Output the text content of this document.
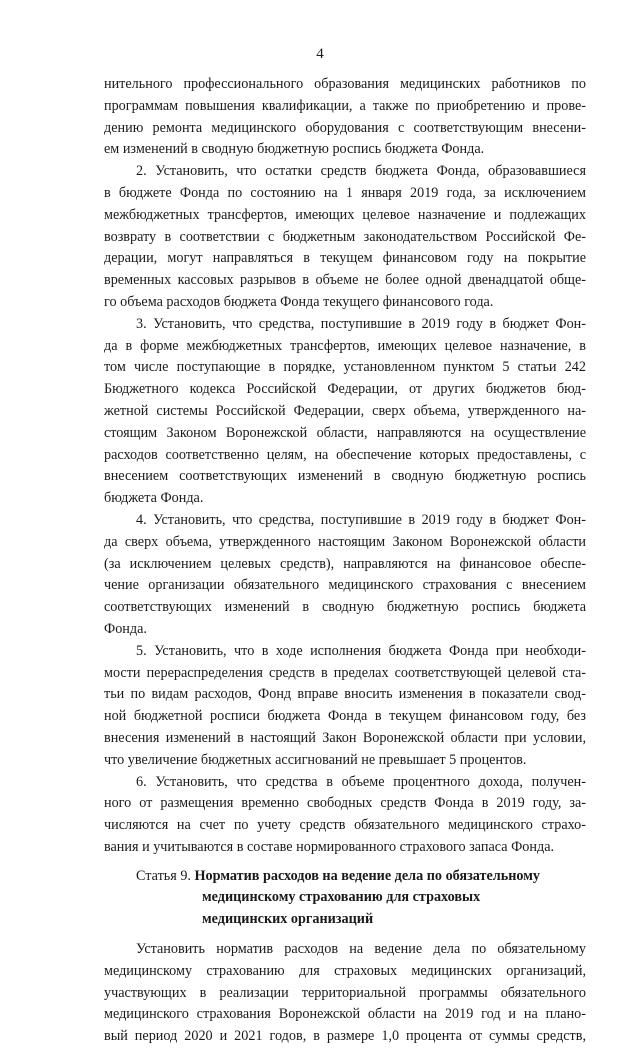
4
нительного профессионального образования медицинских работников по
программам повышения квалификации, а также по приобретению и прове-
дению ремонта медицинского оборудования с соответствующим внесени-
ем изменений в сводную бюджетную роспись бюджета Фонда.
2. Установить, что остатки средств бюджета Фонда, образовавшиеся
в бюджете Фонда по состоянию на 1 января 2019 года, за исключением
межбюджетных трансфертов, имеющих целевое назначение и подлежащих
возврату в соответствии с бюджетным законодательством Российской Фе-
дерации, могут направляться в текущем финансовом году на покрытие
временных кассовых разрывов в объеме не более одной двенадцатой обще-
го объема расходов бюджета Фонда текущего финансового года.
3. Установить, что средства, поступившие в 2019 году в бюджет Фон-
да в форме межбюджетных трансфертов, имеющих целевое назначение, в
том числе поступающие в порядке, установленном пунктом 5 статьи 242
Бюджетного кодекса Российской Федерации, от других бюджетов бюд-
жетной системы Российской Федерации, сверх объема, утвержденного на-
стоящим Законом Воронежской области, направляются на осуществление
расходов соответственно целям, на обеспечение которых предоставлены, с
внесением соответствующих изменений в сводную бюджетную роспись
бюджета Фонда.
4. Установить, что средства, поступившие в 2019 году в бюджет Фон-
да сверх объема, утвержденного настоящим Законом Воронежской области
(за исключением целевых средств), направляются на финансовое обеспе-
чение организации обязательного медицинского страхования с внесением
соответствующих изменений в сводную бюджетную роспись бюджета
Фонда.
5. Установить, что в ходе исполнения бюджета Фонда при необходи-
мости перераспределения средств в пределах соответствующей целевой ста-
тьи по видам расходов, Фонд вправе вносить изменения в показатели свод-
ной бюджетной росписи бюджета Фонда в текущем финансовом году, без
внесения изменений в настоящий Закон Воронежской области при условии,
что увеличение бюджетных ассигнований не превышает 5 процентов.
6. Установить, что средства в объеме процентного дохода, получен-
ного от размещения временно свободных средств Фонда в 2019 году, за-
числяются на счет по учету средств обязательного медицинского страхо-
вания и учитываются в составе нормированного страхового запаса Фонда.
Статья 9. Норматив расходов на ведение дела по обязательному
медицинскому страхованию для страховых
медицинских организаций
Установить норматив расходов на ведение дела по обязательному
медицинскому страхованию для страховых медицинских организаций,
участвующих в реализации территориальной программы обязательного
медицинского страхования Воронежской области на 2019 год и на плано-
вый период 2020 и 2021 годов, в размере 1,0 процента от суммы средств,
